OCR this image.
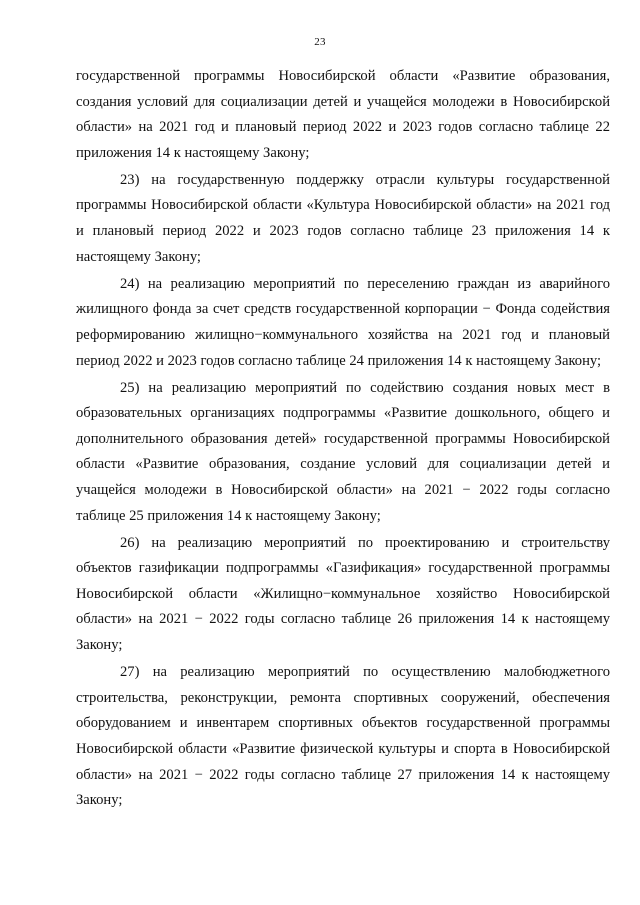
23

государственной программы Новосибирской области «Развитие образования, создания условий для социализации детей и учащейся молодежи в Новосибирской области» на 2021 год и плановый период 2022 и 2023 годов согласно таблице 22 приложения 14 к настоящему Закону;

23) на государственную поддержку отрасли культуры государственной программы Новосибирской области «Культура Новосибирской области» на 2021 год и плановый период 2022 и 2023 годов согласно таблице 23 приложения 14 к настоящему Закону;

24) на реализацию мероприятий по переселению граждан из аварийного жилищного фонда за счет средств государственной корпорации − Фонда содействия реформированию жилищно−коммунального хозяйства на 2021 год и плановый период 2022 и 2023 годов согласно таблице 24 приложения 14 к настоящему Закону;

25) на реализацию мероприятий по содействию создания новых мест в образовательных организациях подпрограммы «Развитие дошкольного, общего и дополнительного образования детей» государственной программы Новосибирской области «Развитие образования, создание условий для социализации детей и учащейся молодежи в Новосибирской области» на 2021 − 2022 годы согласно таблице 25 приложения 14 к настоящему Закону;

26) на реализацию мероприятий по проектированию и строительству объектов газификации подпрограммы «Газификация» государственной программы Новосибирской области «Жилищно−коммунальное хозяйство Новосибирской области» на 2021 − 2022 годы согласно таблице 26 приложения 14 к настоящему Закону;

27) на реализацию мероприятий по осуществлению малобюджетного строительства, реконструкции, ремонта спортивных сооружений, обеспечения оборудованием и инвентарем спортивных объектов государственной программы Новосибирской области «Развитие физической культуры и спорта в Новосибирской области» на 2021 − 2022 годы согласно таблице 27 приложения 14 к настоящему Закону;
